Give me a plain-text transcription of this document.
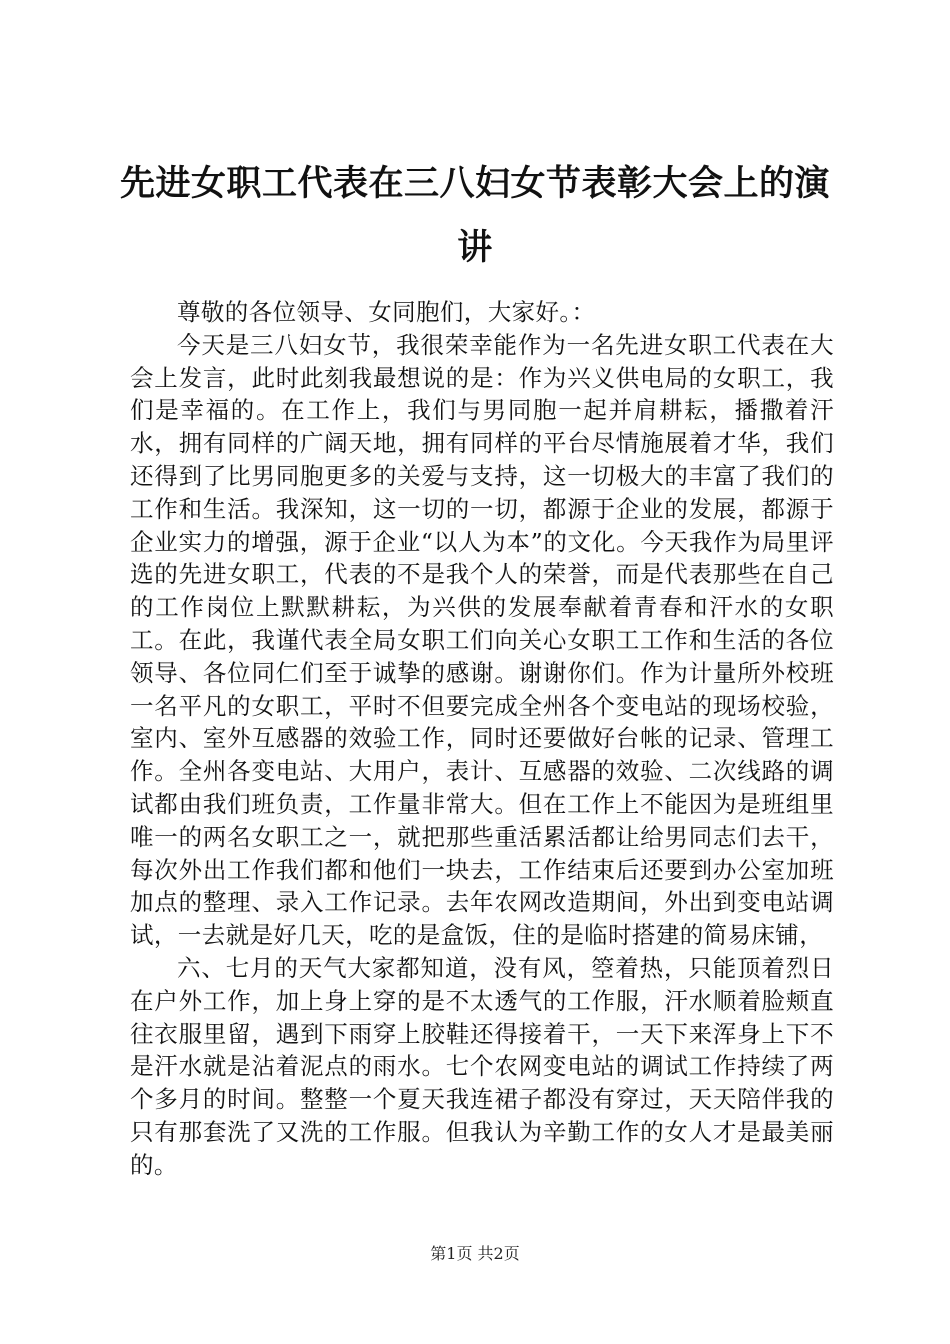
先进女职工代表在三八妇女节表彰大会上的演讲

尊敬的各位领导、女同胞们，大家好。：

今天是三八妇女节，我很荣幸能作为一名先进女职工代表在大会上发言，此时此刻我最想说的是：作为兴义供电局的女职工，我们是幸福的。在工作上，我们与男同胞一起并肩耕耘，播撒着汗水，拥有同样的广阔天地，拥有同样的平台尽情施展着才华，我们还得到了比男同胞更多的关爱与支持，这一切极大的丰富了我们的工作和生活。我深知，这一切的一切，都源于企业的发展，都源于企业实力的增强，源于企业“以人为本”的文化。今天我作为局里评选的先进女职工，代表的不是我个人的荣誉，而是代表那些在自己的工作岗位上默默耕耘，为兴供的发展奉献着青春和汗水的女职工。在此，我谨代表全局女职工们向关心女职工工作和生活的各位领导、各位同仁们至于诚挚的感谢。谢谢你们。作为计量所外校班一名平凡的女职工，平时不但要完成全州各个变电站的现场校验，室内、室外互感器的效验工作，同时还要做好台帐的记录、管理工作。全州各变电站、大用户，表计、互感器的效验、二次线路的调试都由我们班负责，工作量非常大。但在工作上不能因为是班组里唯一的两名女职工之一，就把那些重活累活都让给男同志们去干，每次外出工作我们都和他们一块去，工作结束后还要到办公室加班加点的整理、录入工作记录。去年农网改造期间，外出到变电站调试，一去就是好几天，吃的是盒饭，住的是临时搭建的简易床铺，

六、七月的天气大家都知道，没有风，箜着热，只能顶着烈日在户外工作，加上身上穿的是不太透气的工作服，汗水顺着脸颊直往衣服里留，遇到下雨穿上胶鞋还得接着干，一天下来浑身上下不是汗水就是沾着泥点的雨水。七个农网变电站的调试工作持续了两个多月的时间。整整一个夏天我连裙子都没有穿过，天天陪伴我的只有那套洗了又洗的工作服。但我认为辛勤工作的女人才是最美丽的。

第1页 共2页
